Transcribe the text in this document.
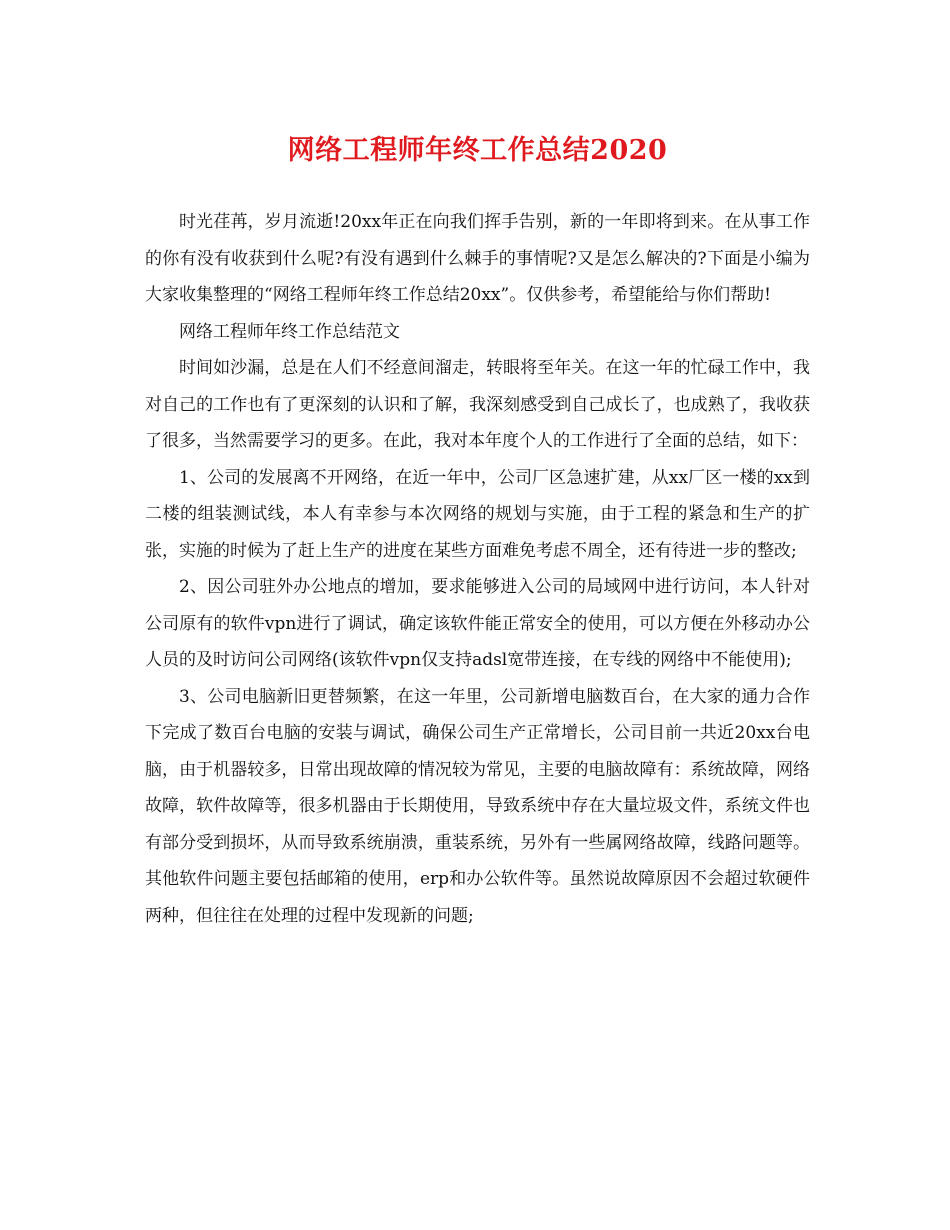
网络工程师年终工作总结2020

时光荏苒，岁月流逝!20xx年正在向我们挥手告别，新的一年即将到来。在从事工作的你有没有收获到什么呢?有没有遇到什么棘手的事情呢?又是怎么解决的?下面是小编为大家收集整理的“网络工程师年终工作总结20xx”。仅供参考，希望能给与你们帮助!

网络工程师年终工作总结范文

时间如沙漏，总是在人们不经意间溜走，转眼将至年关。在这一年的忙碌工作中，我对自己的工作也有了更深刻的认识和了解，我深刻感受到自己成长了，也成熟了，我收获了很多，当然需要学习的更多。在此，我对本年度个人的工作进行了全面的总结，如下：

1、公司的发展离不开网络，在近一年中，公司厂区急速扩建，从xx厂区一楼的xx到二楼的组装测试线，本人有幸参与本次网络的规划与实施，由于工程的紧急和生产的扩张，实施的时候为了赶上生产的进度在某些方面难免考虑不周全，还有待进一步的整改;

2、因公司驻外办公地点的增加，要求能够进入公司的局域网中进行访问，本人针对公司原有的软件vpn进行了调试，确定该软件能正常安全的使用，可以方便在外移动办公人员的及时访问公司网络(该软件vpn仅支持adsl宽带连接，在专线的网络中不能使用);

3、公司电脑新旧更替频繁，在这一年里，公司新增电脑数百台，在大家的通力合作下完成了数百台电脑的安装与调试，确保公司生产正常增长，公司目前一共近20xx台电脑，由于机器较多，日常出现故障的情况较为常见，主要的电脑故障有：系统故障，网络故障，软件故障等，很多机器由于长期使用，导致系统中存在大量垃圾文件，系统文件也有部分受到损坏，从而导致系统崩溃，重装系统，另外有一些属网络故障，线路问题等。其他软件问题主要包括邮箱的使用，erp和办公软件等。虽然说故障原因不会超过软硬件两种，但往往在处理的过程中发现新的问题;
